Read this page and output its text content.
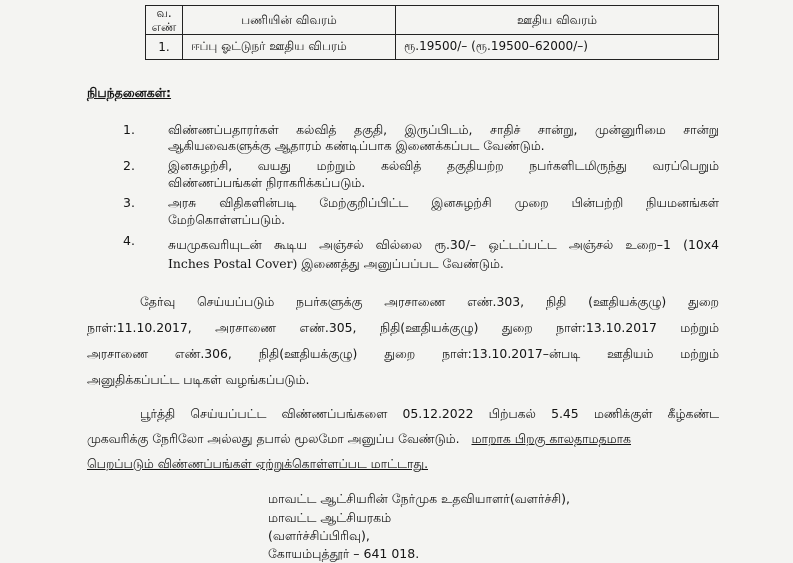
வ. எண்	பணியின் விவரம்	ஊதிய விவரம்
1.	ஈப்பு ஓட்டுநர் ஊதிய விபரம்	ரூ.19500/– (ரூ.19500–62000/–)
நிபந்தனைகள்:
1.	விண்ணப்பதாரர்கள் கல்வித் தகுதி, இருப்பிடம், சாதிச் சான்று, முன்னுரிமை சான்று
ஆகியவைகளுக்கு ஆதாரம் கண்டிப்பாக இணைக்கப்பட வேண்டும்.
2.	இனசுழற்சி, வயது மற்றும் கல்வித் தகுதியற்ற நபர்களிடமிருந்து வரப்பெறும்
விண்ணப்பங்கள் நிராகரிக்கப்படும்.
3.	அரசு விதிகளின்படி மேற்குறிப்பிட்ட இனசுழற்சி முறை பின்பற்றி நியமனங்கள்
மேற்கொள்ளப்படும்.
4.	சுயமுகவரியுடன் கூடிய அஞ்சல் வில்லை ரூ.30/– ஒட்டப்பட்ட அஞ்சல் உறை–1 (10x4
Inches Postal Cover) இணைத்து அனுப்பப்பட வேண்டும்.
தேர்வு செய்யப்படும் நபர்களுக்கு அரசாணை எண்.303, நிதி (ஊதியக்குழு) துறை
நாள்:11.10.2017, அரசாணை எண்.305, நிதி(ஊதியக்குழு) துறை நாள்:13.10.2017 மற்றும்
அரசாணை எண்.306, நிதி(ஊதியக்குழு) துறை நாள்:13.10.2017–ன்படி ஊதியம் மற்றும்
அனுதிக்கப்பட்ட படிகள் வழங்கப்படும்.
பூர்த்தி செய்யப்பட்ட விண்ணப்பங்களை 05.12.2022 பிற்பகல் 5.45 மணிக்குள் கீழ்கண்ட
முகவரிக்கு நேரிலோ அல்லது தபால் மூலமோ அனுப்ப வேண்டும். மாறாக பிறகு காலதாமதமாக
பெறப்படும் விண்ணப்பங்கள் ஏற்றுக்கொள்ளப்பட மாட்டாது.
மாவட்ட ஆட்சியரின் நேர்முக உதவியாளர்(வளர்ச்சி),
மாவட்ட ஆட்சியரகம்
(வளர்ச்சிப்பிரிவு),
கோயம்புத்தூர் – 641 018.
